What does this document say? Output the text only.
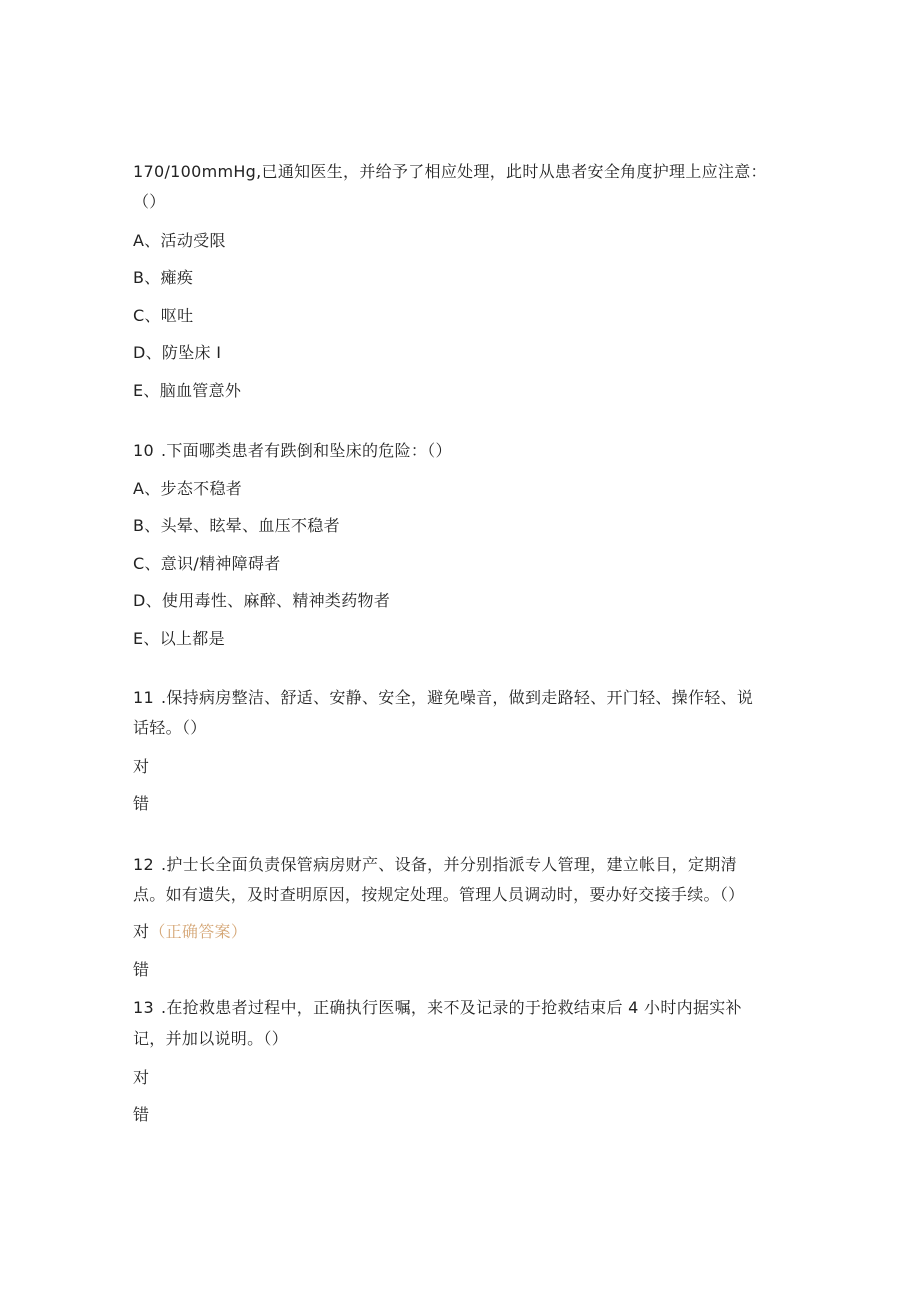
170/100mmHg,已通知医生，并给予了相应处理，此时从患者安全角度护理上应注意：
（）
A、活动受限
B、瘫痪
C、呕吐
D、防坠床 I
E、脑血管意外
10 .下面哪类患者有跌倒和坠床的危险：（）
A、步态不稳者
B、头晕、眩晕、血压不稳者
C、意识/精神障碍者
D、使用毒性、麻醉、精神类药物者
E、以上都是
11 .保持病房整洁、舒适、安静、安全，避免噪音，做到走路轻、开门轻、操作轻、说
话轻。（）
对
错
12 .护士长全面负责保管病房财产、设备，并分别指派专人管理，建立帐目，定期清
点。如有遗失，及时查明原因，按规定处理。管理人员调动时，要办好交接手续。（）
对（正确答案）
错
13 .在抢救患者过程中，正确执行医嘱，来不及记录的于抢救结束后 4 小时内据实补
记，并加以说明。（）
对
错
